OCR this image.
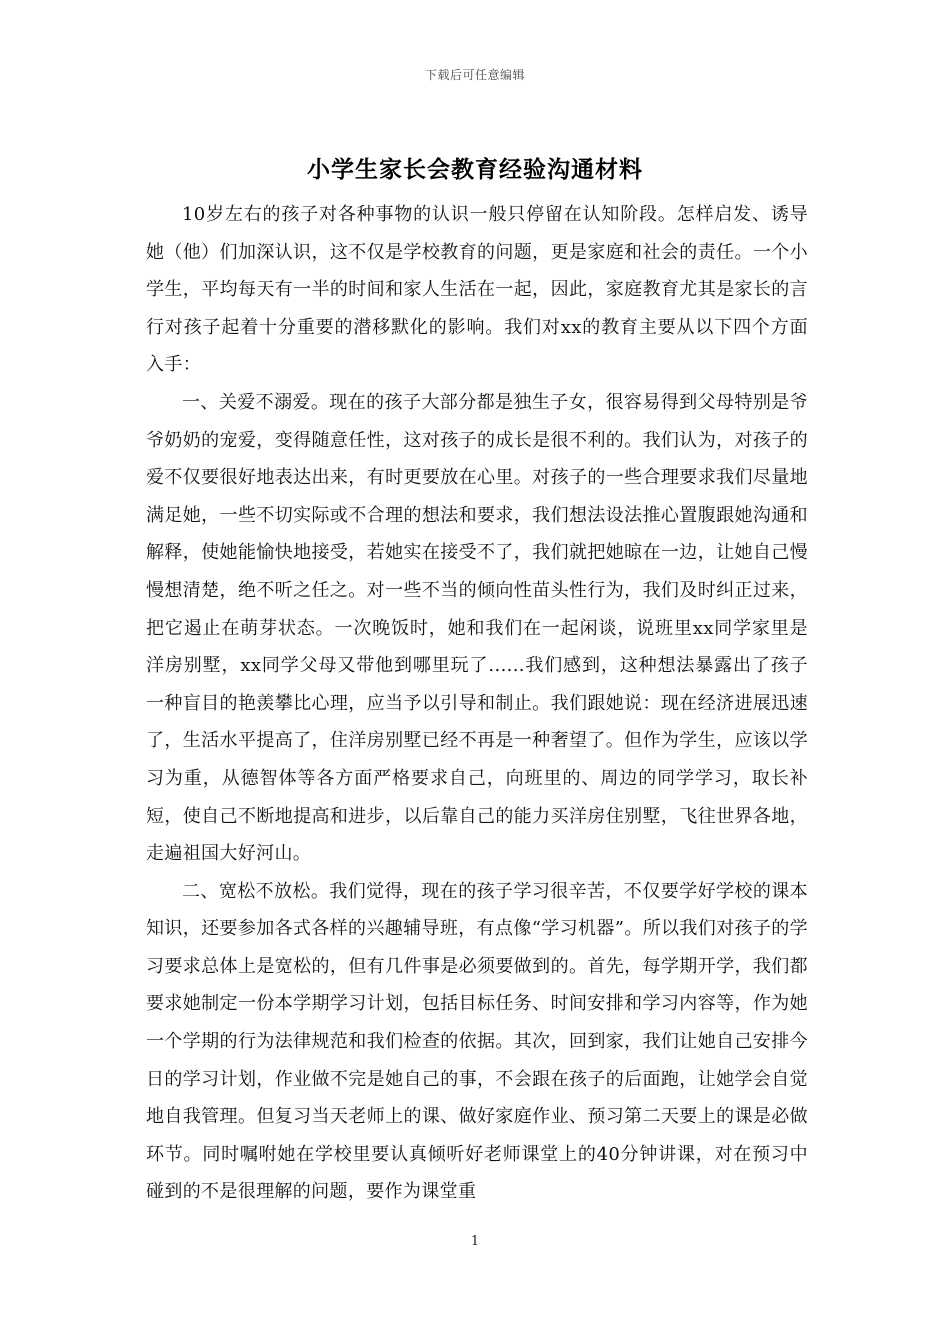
下载后可任意编辑
小学生家长会教育经验沟通材料

10岁左右的孩子对各种事物的认识一般只停留在认知阶段。怎样启发、诱导她（他）们加深认识，这不仅是学校教育的问题，更是家庭和社会的责任。一个小学生，平均每天有一半的时间和家人生活在一起，因此，家庭教育尤其是家长的言行对孩子起着十分重要的潜移默化的影响。我们对xx的教育主要从以下四个方面入手：

一、关爱不溺爱。现在的孩子大部分都是独生子女，很容易得到父母特别是爷爷奶奶的宠爱，变得随意任性，这对孩子的成长是很不利的。我们认为，对孩子的爱不仅要很好地表达出来，有时更要放在心里。对孩子的一些合理要求我们尽量地满足她，一些不切实际或不合理的想法和要求，我们想法设法推心置腹跟她沟通和解释，使她能愉快地接受，若她实在接受不了，我们就把她晾在一边，让她自己慢慢想清楚，绝不听之任之。对一些不当的倾向性苗头性行为，我们及时纠正过来，把它遏止在萌芽状态。一次晚饭时，她和我们在一起闲谈，说班里xx同学家里是洋房别墅，xx同学父母又带他到哪里玩了......我们感到，这种想法暴露出了孩子一种盲目的艳羡攀比心理，应当予以引导和制止。我们跟她说：现在经济进展迅速了，生活水平提高了，住洋房别墅已经不再是一种奢望了。但作为学生，应该以学习为重，从德智体等各方面严格要求自己，向班里的、周边的同学学习，取长补短，使自己不断地提高和进步，以后靠自己的能力买洋房住别墅，飞往世界各地，走遍祖国大好河山。

二、宽松不放松。我们觉得，现在的孩子学习很辛苦，不仅要学好学校的课本知识，还要参加各式各样的兴趣辅导班，有点像“学习机器”。所以我们对孩子的学习要求总体上是宽松的，但有几件事是必须要做到的。首先，每学期开学，我们都要求她制定一份本学期学习计划，包括目标任务、时间安排和学习内容等，作为她一个学期的行为法律规范和我们检查的依据。其次，回到家，我们让她自己安排今日的学习计划，作业做不完是她自己的事，不会跟在孩子的后面跑，让她学会自觉地自我管理。但复习当天老师上的课、做好家庭作业、预习第二天要上的课是必做环节。同时嘱咐她在学校里要认真倾听好老师课堂上的40分钟讲课，对在预习中碰到的不是很理解的问题，要作为课堂重

1
